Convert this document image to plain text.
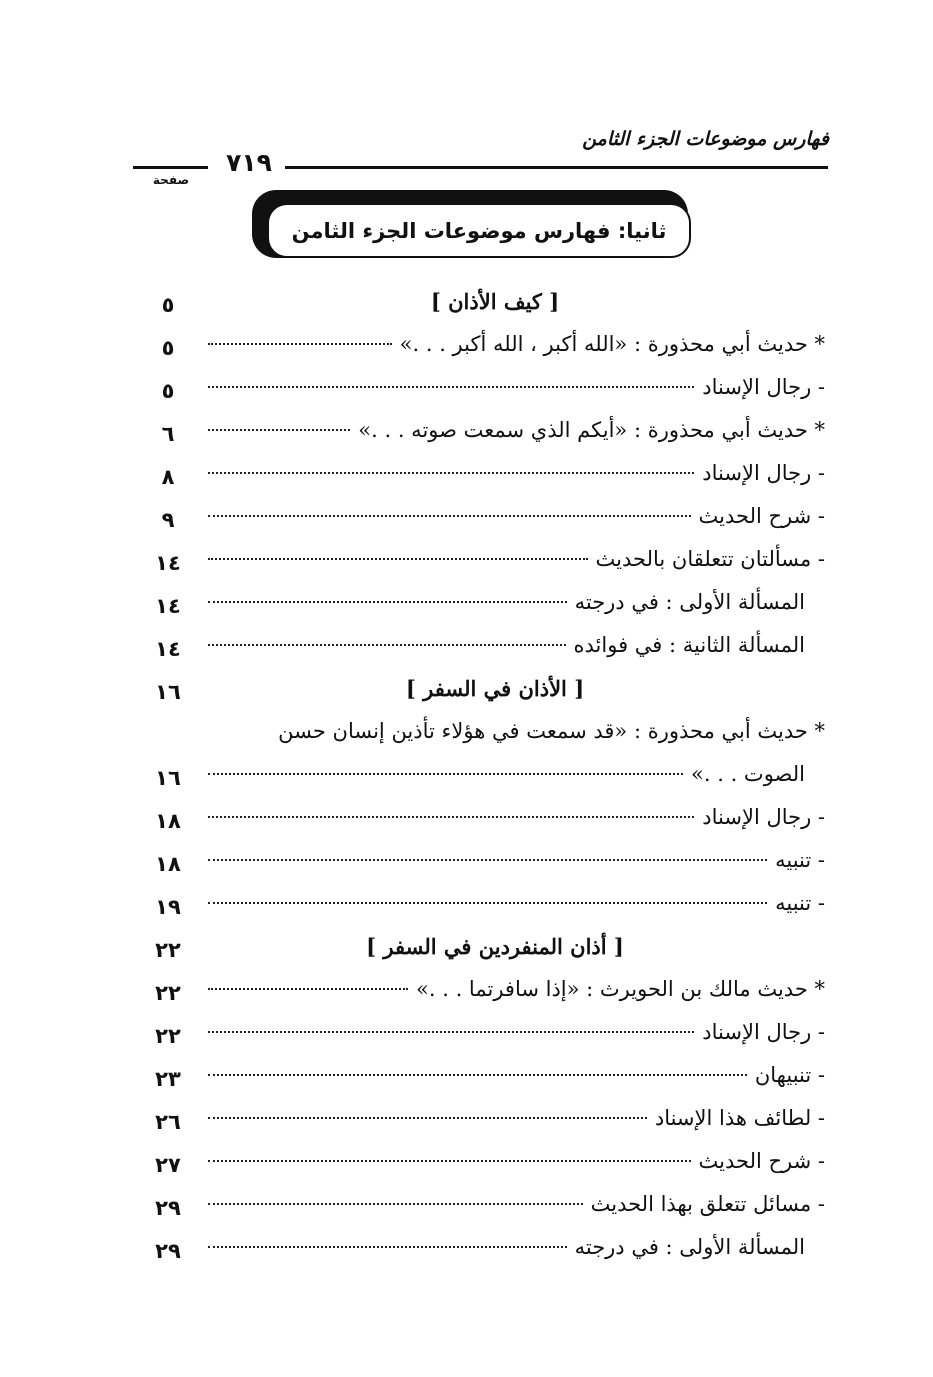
فهارس موضوعات الجزء الثامن
٧١٩
صفحة
ثانيا: فهارس موضوعات الجزء الثامن
[ كيف الأذان ]
٥
* حديث أبي محذورة : «الله أكبر ، الله أكبر . . .»
٥
- رجال الإسناد
٥
* حديث أبي محذورة : «أيكم الذي سمعت صوته . . .»
٦
- رجال الإسناد
٨
- شرح الحديث
٩
- مسألتان تتعلقان بالحديث
١٤
المسألة الأولى : في درجته
١٤
المسألة الثانية : في فوائده
١٤
[ الأذان في السفر ]
١٦
* حديث أبي محذورة : «قد سمعت في هؤلاء تأذين إنسان حسن
الصوت . . .»
١٦
- رجال الإسناد
١٨
- تنبيه
١٨
- تنبيه
١٩
[ أذان المنفردين في السفر ]
٢٢
* حديث مالك بن الحويرث : «إذا سافرتما . . .»
٢٢
- رجال الإسناد
٢٢
- تنبيهان
٢٣
- لطائف هذا الإسناد
٢٦
- شرح الحديث
٢٧
- مسائل تتعلق بهذا الحديث
٢٩
المسألة الأولى : في درجته
٢٩
